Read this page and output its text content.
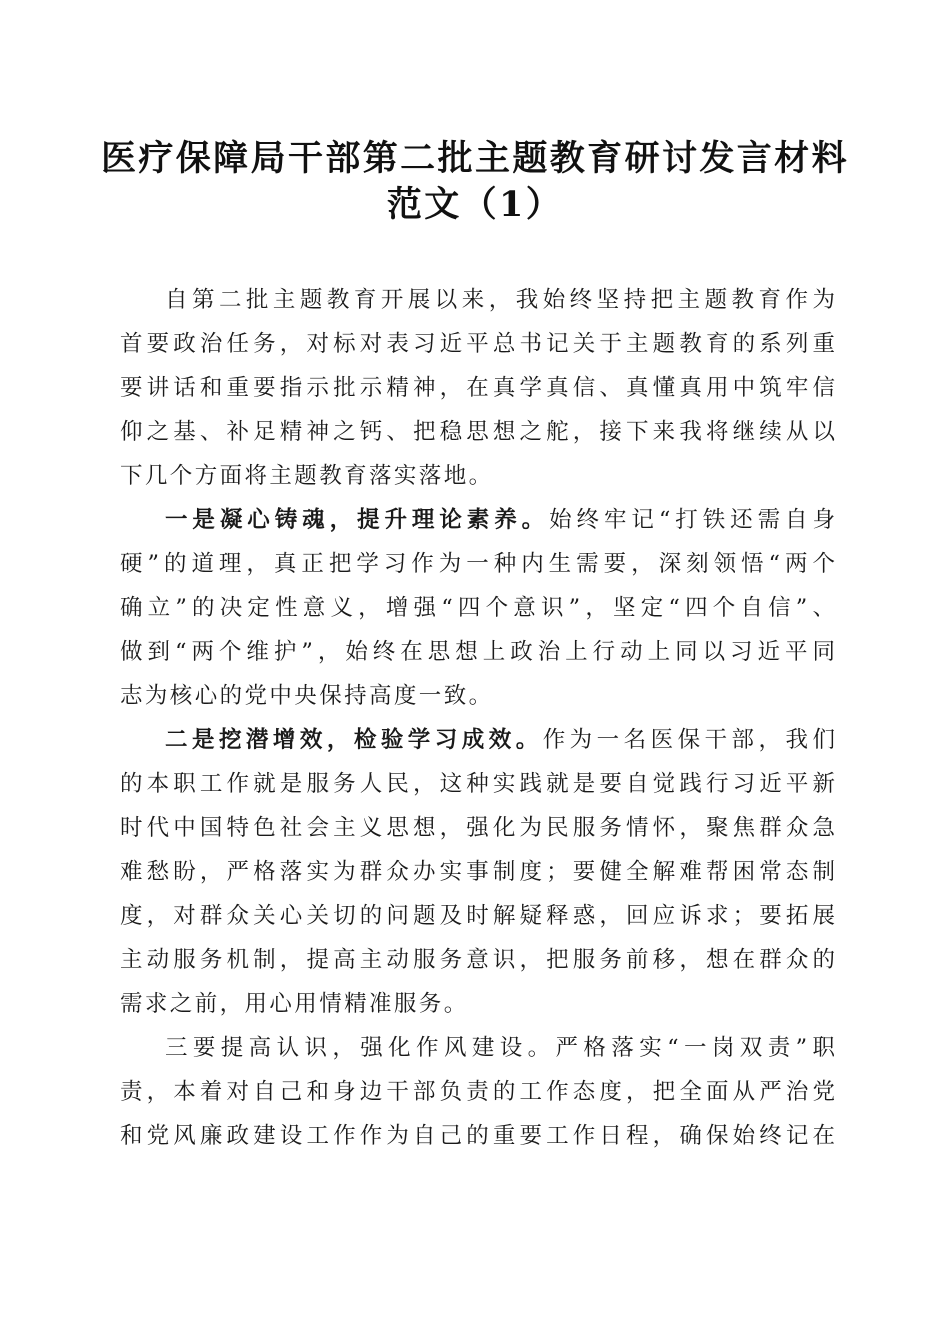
医疗保障局干部第二批主题教育研讨发言材料
范文（1）
自第二批主题教育开展以来，我始终坚持把主题教育作为
首要政治任务，对标对表习近平总书记关于主题教育的系列重
要讲话和重要指示批示精神，在真学真信、真懂真用中筑牢信
仰之基、补足精神之钙、把稳思想之舵，接下来我将继续从以
下几个方面将主题教育落实落地。
一是凝心铸魂，提升理论素养。始终牢记“打铁还需自身
硬”的道理，真正把学习作为一种内生需要，深刻领悟“两个
确立”的决定性意义，增强“四个意识”，坚定“四个自信”、
做到“两个维护”，始终在思想上政治上行动上同以习近平同
志为核心的党中央保持高度一致。
二是挖潜增效，检验学习成效。作为一名医保干部，我们
的本职工作就是服务人民，这种实践就是要自觉践行习近平新
时代中国特色社会主义思想，强化为民服务情怀，聚焦群众急
难愁盼，严格落实为群众办实事制度；要健全解难帮困常态制
度，对群众关心关切的问题及时解疑释惑，回应诉求；要拓展
主动服务机制，提高主动服务意识，把服务前移，想在群众的
需求之前，用心用情精准服务。
三要提高认识，强化作风建设。严格落实“一岗双责”职
责，本着对自己和身边干部负责的工作态度，把全面从严治党
和党风廉政建设工作作为自己的重要工作日程，确保始终记在
